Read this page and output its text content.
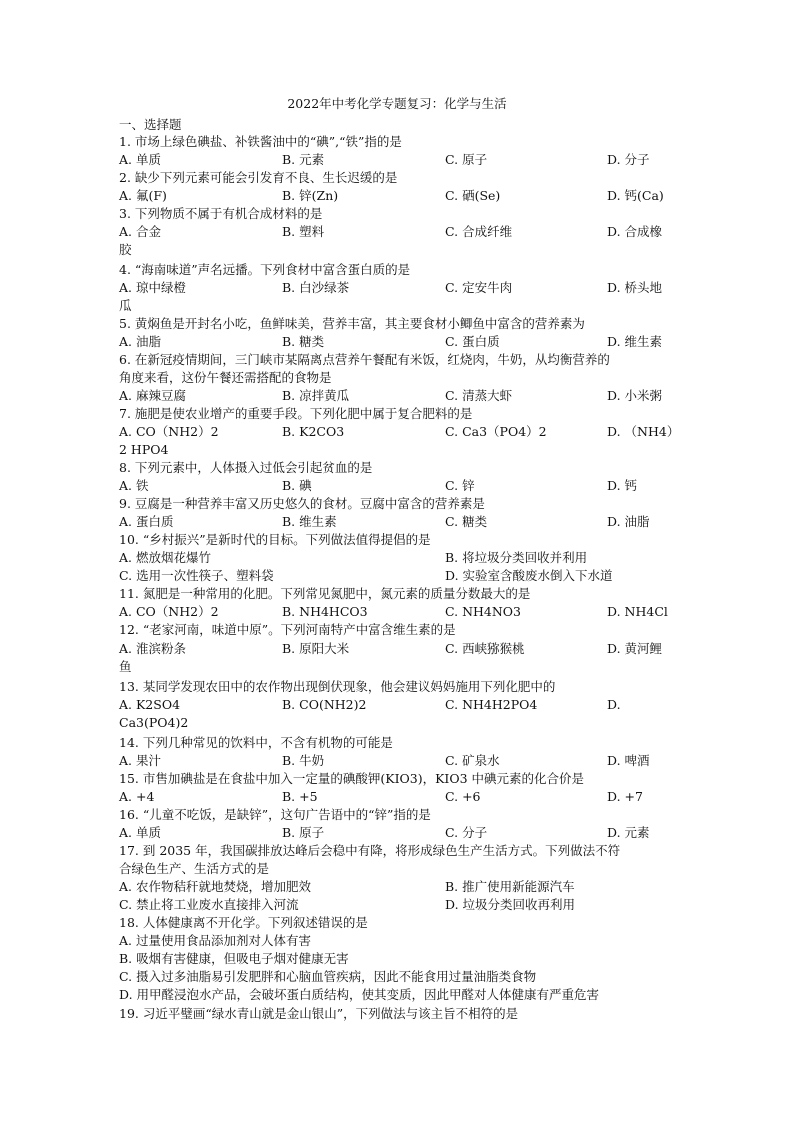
2022年中考化学专题复习：化学与生活
一、选择题
1. 市场上绿色碘盐、补铁酱油中的“碘”,“铁”指的是
A. 单质	B. 元素	C. 原子	D. 分子
2. 缺少下列元素可能会引发育不良、生长迟缓的是
A. 氟(F)	B. 锌(Zn)	C. 硒(Se)	D. 钙(Ca)
3. 下列物质不属于有机合成材料的是
A. 合金	B. 塑料	C. 合成纤维	D. 合成橡
胶
4. “海南味道”声名远播。下列食材中富含蛋白质的是
A. 琼中绿橙	B. 白沙绿茶	C. 定安牛肉	D. 桥头地
瓜
5. 黄焖鱼是开封名小吃，鱼鲜味美，营养丰富，其主要食材小鲫鱼中富含的营养素为
A. 油脂	B. 糖类	C. 蛋白质	D. 维生素
6. 在新冠疫情期间，三门峡市某隔离点营养午餐配有米饭，红烧肉，牛奶，从均衡营养的
角度来看，这份午餐还需搭配的食物是
A. 麻辣豆腐	B. 凉拌黄瓜	C. 清蒸大虾	D. 小米粥
7. 施肥是使农业增产的重要手段。下列化肥中属于复合肥料的是
A. CO（NH2）2	B. K2CO3	C. Ca3（PO4）2	D. （NH4）
2 HPO4
8. 下列元素中，人体摄入过低会引起贫血的是
A. 铁	B. 碘	C. 锌	D. 钙
9. 豆腐是一种营养丰富又历史悠久的食材。豆腐中富含的营养素是
A. 蛋白质	B. 维生素	C. 糖类	D. 油脂
10. “乡村振兴”是新时代的目标。下列做法值得提倡的是
A. 燃放烟花爆竹	B. 将垃圾分类回收并利用
C. 选用一次性筷子、塑料袋	D. 实验室含酸废水倒入下水道
11. 氮肥是一种常用的化肥。下列常见氮肥中，氮元素的质量分数最大的是
A. CO（NH2）2	B. NH4HCO3	C. NH4NO3	D. NH4Cl
12. “老家河南，味道中原”。下列河南特产中富含维生素的是
A. 淮滨粉条	B. 原阳大米	C. 西峡猕猴桃	D. 黄河鲤
鱼
13. 某同学发现农田中的农作物出现倒伏现象，他会建议妈妈施用下列化肥中的
A. K2SO4	B. CO(NH2)2	C. NH4H2PO4	D.
Ca3(PO4)2
14. 下列几种常见的饮料中，不含有机物的可能是
A. 果汁	B. 牛奶	C. 矿泉水	D. 啤酒
15. 市售加碘盐是在食盐中加入一定量的碘酸钾(KIO3)，KIO3 中碘元素的化合价是
A. +4	B. +5	C. +6	D. +7
16. “儿童不吃饭，是缺锌”，这句广告语中的“锌”指的是
A. 单质	B. 原子	C. 分子	D. 元素
17. 到 2035 年，我国碳排放达峰后会稳中有降，将形成绿色生产生活方式。下列做法不符
合绿色生产、生活方式的是
A. 农作物秸秆就地焚烧，增加肥效	B. 推广使用新能源汽车
C. 禁止将工业废水直接排入河流	D. 垃圾分类回收再利用
18. 人体健康离不开化学。下列叙述错误的是
A. 过量使用食品添加剂对人体有害
B. 吸烟有害健康，但吸电子烟对健康无害
C. 摄入过多油脂易引发肥胖和心脑血管疾病，因此不能食用过量油脂类食物
D. 用甲醛浸泡水产品，会破坏蛋白质结构，使其变质，因此甲醛对人体健康有严重危害
19. 习近平璧画“绿水青山就是金山银山”，下列做法与该主旨不相符的是
